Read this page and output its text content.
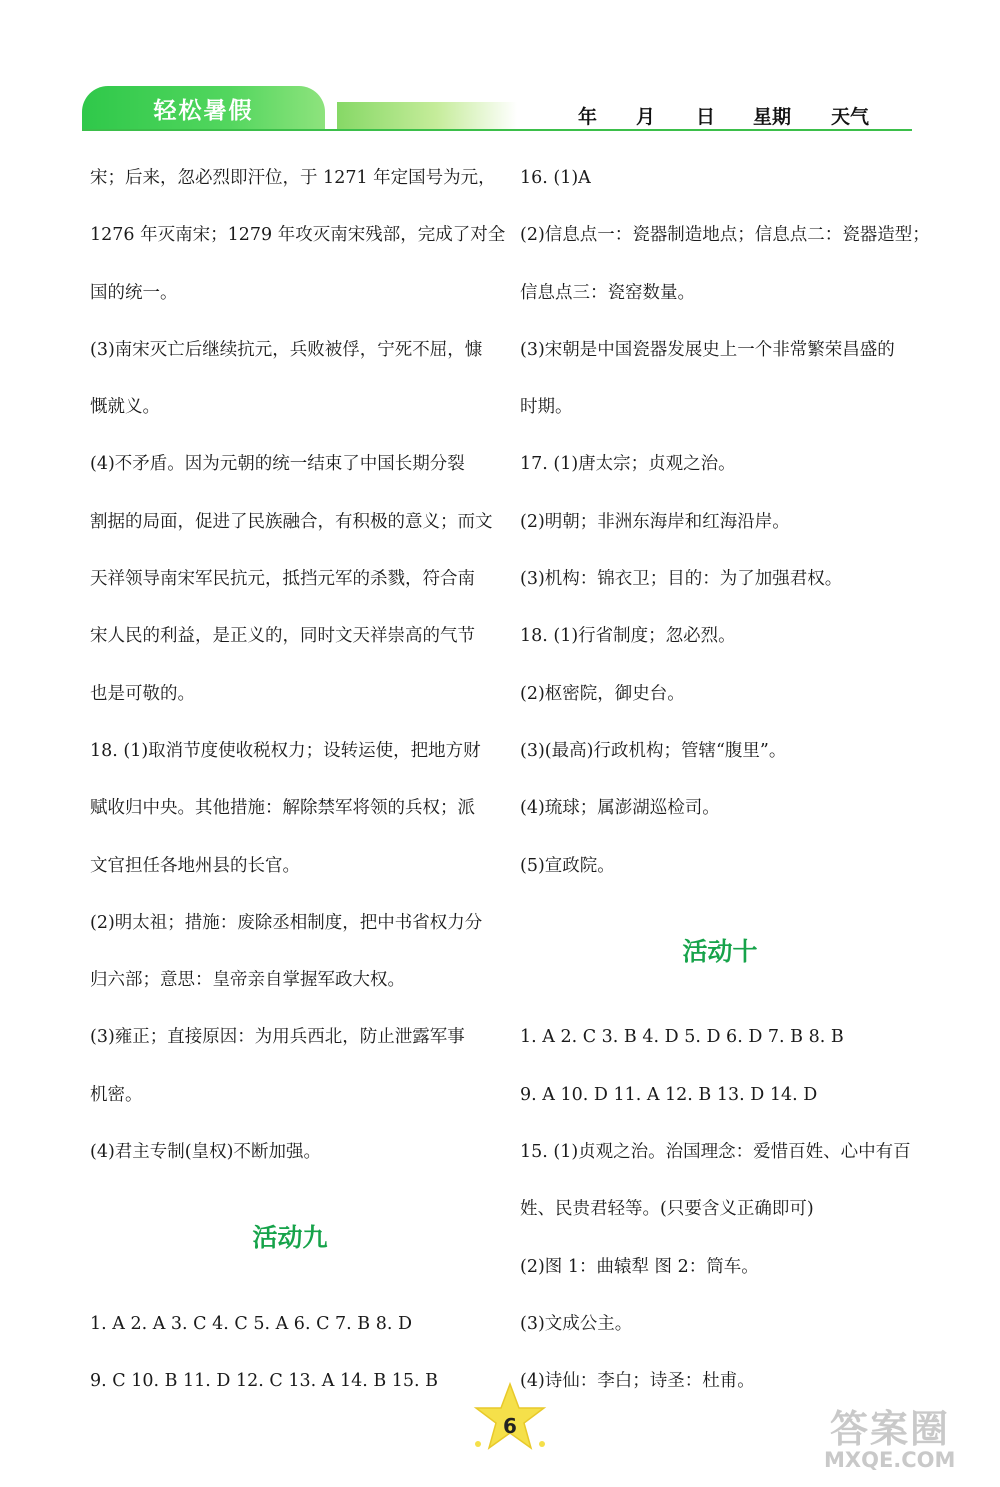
轻松暑假	年 月 日 星期 天气
宋；后来，忽必烈即汗位，于 1271 年定国号为元，
1276 年灭南宋；1279 年攻灭南宋残部，完成了对全
国的统一。
(3)南宋灭亡后继续抗元，兵败被俘，宁死不屈，慷
慨就义。
(4)不矛盾。因为元朝的统一结束了中国长期分裂
割据的局面，促进了民族融合，有积极的意义；而文
天祥领导南宋军民抗元，抵挡元军的杀戮，符合南
宋人民的利益，是正义的，同时文天祥崇高的气节
也是可敬的。
18. (1)取消节度使收税权力；设转运使，把地方财
赋收归中央。其他措施：解除禁军将领的兵权；派
文官担任各地州县的长官。
(2)明太祖；措施：废除丞相制度，把中书省权力分
归六部；意思：皇帝亲自掌握军政大权。
(3)雍正；直接原因：为用兵西北，防止泄露军事
机密。
(4)君主专制(皇权)不断加强。
活动九
1. A 2. A 3. C 4. C 5. A 6. C 7. B 8. D
9. C 10. B 11. D 12. C 13. A 14. B 15. B
16. (1)A
(2)信息点一：瓷器制造地点；信息点二：瓷器造型；
信息点三：瓷窑数量。
(3)宋朝是中国瓷器发展史上一个非常繁荣昌盛的
时期。
17. (1)唐太宗；贞观之治。
(2)明朝；非洲东海岸和红海沿岸。
(3)机构：锦衣卫；目的：为了加强君权。
18. (1)行省制度；忽必烈。
(2)枢密院，御史台。
(3)(最高)行政机构；管辖“腹里”。
(4)琉球；属澎湖巡检司。
(5)宣政院。
活动十
1. A 2. C 3. B 4. D 5. D 6. D 7. B 8. B
9. A 10. D 11. A 12. B 13. D 14. D
15. (1)贞观之治。治国理念：爱惜百姓、心中有百
姓、民贵君轻等。(只要含义正确即可)
(2)图 1：曲辕犁 图 2：筒车。
(3)文成公主。
(4)诗仙：李白；诗圣：杜甫。
6	答案圈
MXQE.COM
